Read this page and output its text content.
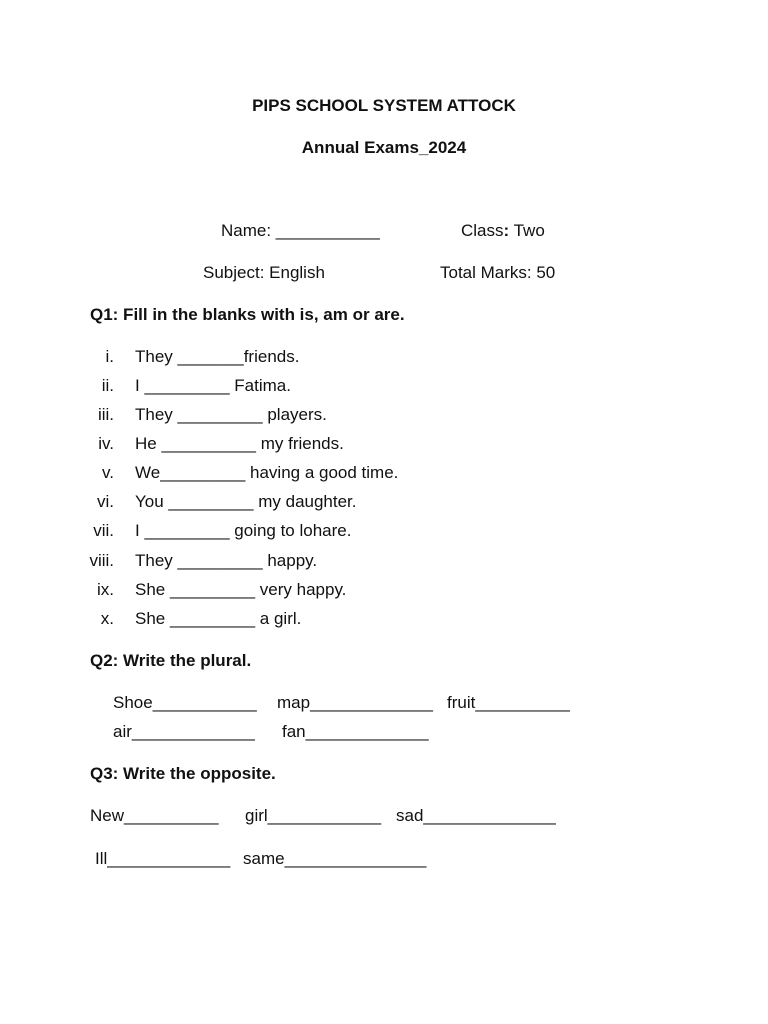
PIPS SCHOOL SYSTEM ATTOCK
Annual Exams_2024
Name: ___________	Class: Two
Subject: English	Total Marks: 50
Q1: Fill in the blanks with is, am or are.
i. They _______friends.
ii. I _________ Fatima.
iii. They _________ players.
iv. He __________ my friends.
v. We_________ having a good time.
vi. You _________ my daughter.
vii. I _________ going to lohare.
viii. They _________ happy.
ix. She _________ very happy.
x. She _________ a girl.
Q2: Write the plural.
Shoe___________ map_____________ fruit__________
air_____________ fan_____________
Q3: Write the opposite.
New__________ girl____________ sad______________
Ill_____________ same_______________
